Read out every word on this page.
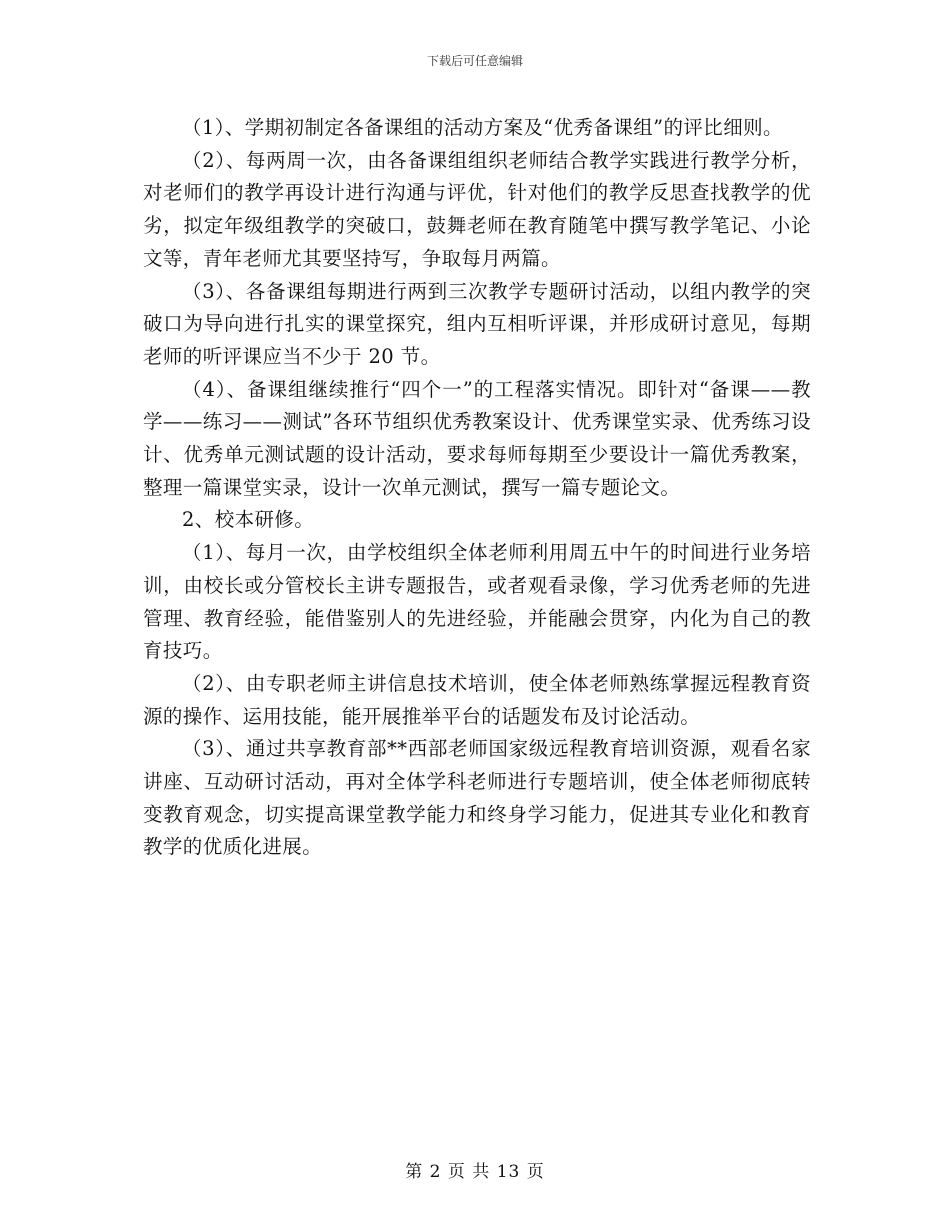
下载后可任意编辑

（1）、学期初制定各备课组的活动方案及“优秀备课组”的评比细则。

（2）、每两周一次，由各备课组组织老师结合教学实践进行教学分析，对老师们的教学再设计进行沟通与评优，针对他们的教学反思查找教学的优劣，拟定年级组教学的突破口，鼓舞老师在教育随笔中撰写教学笔记、小论文等，青年老师尤其要坚持写，争取每月两篇。

（3）、各备课组每期进行两到三次教学专题研讨活动，以组内教学的突破口为导向进行扎实的课堂探究，组内互相听评课，并形成研讨意见，每期老师的听评课应当不少于 20 节。

（4）、备课组继续推行“四个一”的工程落实情况。即针对“备课——教学——练习——测试”各环节组织优秀教案设计、优秀课堂实录、优秀练习设计、优秀单元测试题的设计活动，要求每师每期至少要设计一篇优秀教案，整理一篇课堂实录，设计一次单元测试，撰写一篇专题论文。

2、校本研修。

（1）、每月一次，由学校组织全体老师利用周五中午的时间进行业务培训，由校长或分管校长主讲专题报告，或者观看录像，学习优秀老师的先进管理、教育经验，能借鉴别人的先进经验，并能融会贯穿，内化为自己的教育技巧。

（2）、由专职老师主讲信息技术培训，使全体老师熟练掌握远程教育资源的操作、运用技能，能开展推举平台的话题发布及讨论活动。

（3）、通过共享教育部**西部老师国家级远程教育培训资源，观看名家讲座、互动研讨活动，再对全体学科老师进行专题培训，使全体老师彻底转变教育观念，切实提高课堂教学能力和终身学习能力，促进其专业化和教育教学的优质化进展。

第 2 页 共 13 页
